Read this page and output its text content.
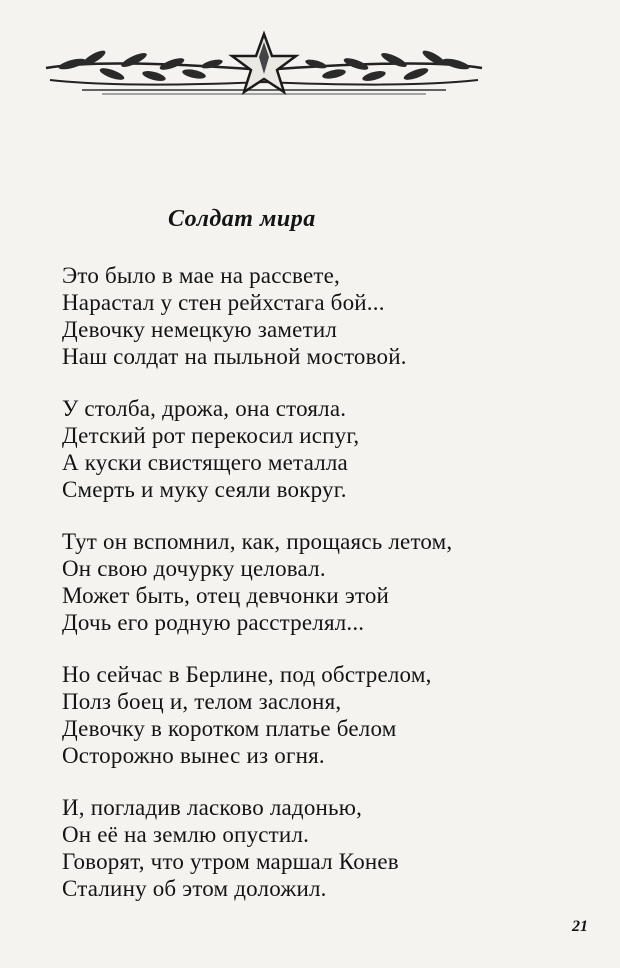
Солдат мира
Это было в мае на рассвете,
Нарастал у стен рейхстага бой...
Девочку немецкую заметил
Наш солдат на пыльной мостовой.
У столба, дрожа, она стояла.
Детский рот перекосил испуг,
А куски свистящего металла
Смерть и муку сеяли вокруг.
Тут он вспомнил, как, прощаясь летом,
Он свою дочурку целовал.
Может быть, отец девчонки этой
Дочь его родную расстрелял...
Но сейчас в Берлине, под обстрелом,
Полз боец и, телом заслоня,
Девочку в коротком платье белом
Осторожно вынес из огня.
И, погладив ласково ладонью,
Он её на землю опустил.
Говорят, что утром маршал Конев
Сталину об этом доложил.
21
